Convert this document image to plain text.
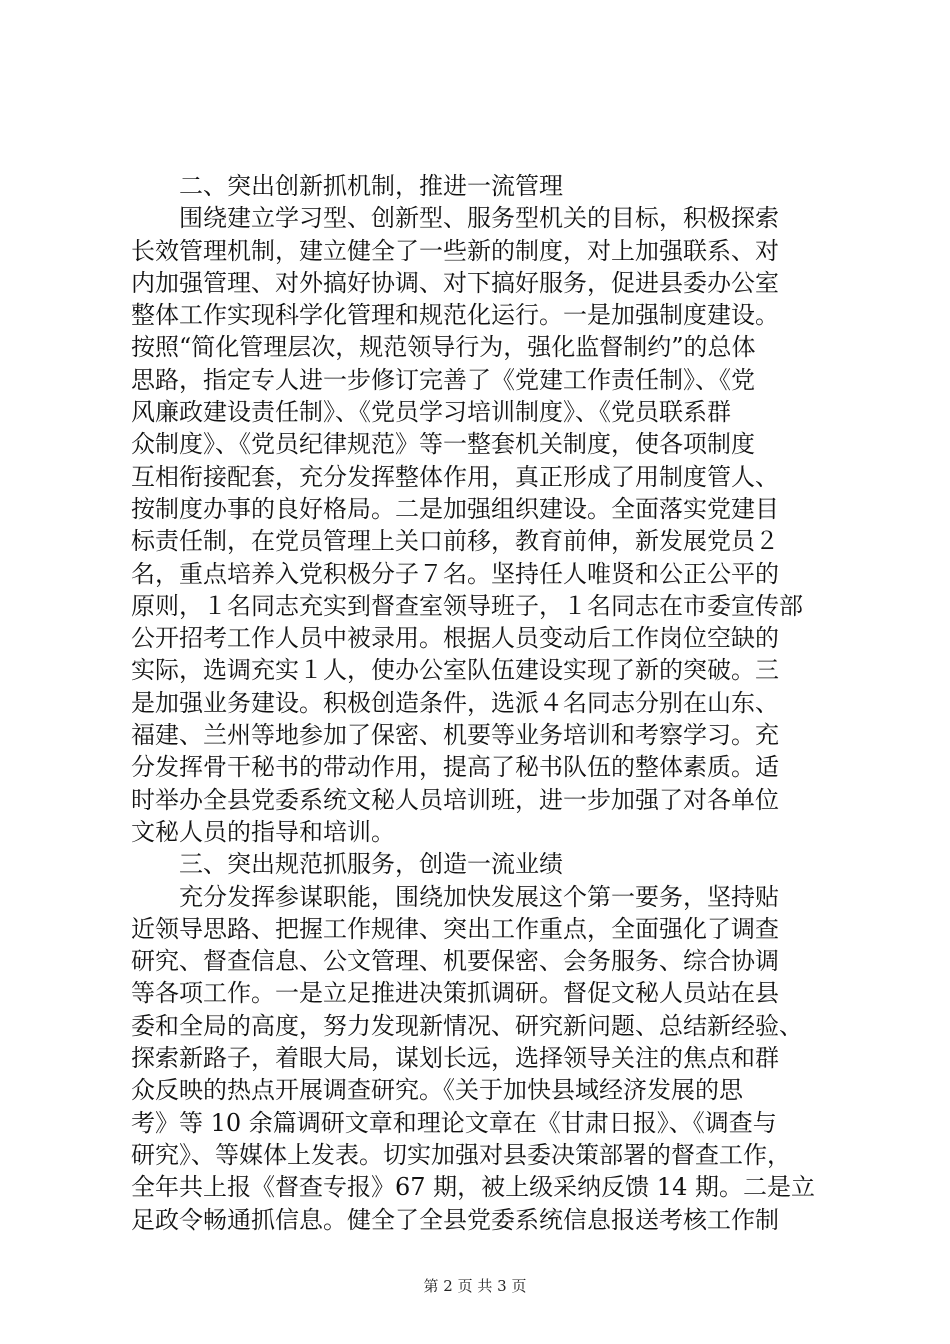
　　二、突出创新抓机制，推进一流管理
　　围绕建立学习型、创新型、服务型机关的目标，积极探索
长效管理机制，建立健全了一些新的制度，对上加强联系、对
内加强管理、对外搞好协调、对下搞好服务，促进县委办公室
整体工作实现科学化管理和规范化运行。一是加强制度建设。
按照“简化管理层次，规范领导行为，强化监督制约”的总体
思路，指定专人进一步修订完善了《党建工作责任制》、《党
风廉政建设责任制》、《党员学习培训制度》、《党员联系群
众制度》、《党员纪律规范》等一整套机关制度，使各项制度
互相衔接配套，充分发挥整体作用，真正形成了用制度管人、
按制度办事的良好格局。二是加强组织建设。全面落实党建目
标责任制，在党员管理上关口前移，教育前伸，新发展党员２
名，重点培养入党积极分子７名。坚持任人唯贤和公正公平的
原则，１名同志充实到督查室领导班子，１名同志在市委宣传部
公开招考工作人员中被录用。根据人员变动后工作岗位空缺的
实际，选调充实１人，使办公室队伍建设实现了新的突破。三
是加强业务建设。积极创造条件，选派４名同志分别在山东、
福建、兰州等地参加了保密、机要等业务培训和考察学习。充
分发挥骨干秘书的带动作用，提高了秘书队伍的整体素质。适
时举办全县党委系统文秘人员培训班，进一步加强了对各单位
文秘人员的指导和培训。
　　三、突出规范抓服务，创造一流业绩
　　充分发挥参谋职能，围绕加快发展这个第一要务，坚持贴
近领导思路、把握工作规律、突出工作重点，全面强化了调查
研究、督查信息、公文管理、机要保密、会务服务、综合协调
等各项工作。一是立足推进决策抓调研。督促文秘人员站在县
委和全局的高度，努力发现新情况、研究新问题、总结新经验、
探索新路子，着眼大局，谋划长远，选择领导关注的焦点和群
众反映的热点开展调查研究。《关于加快县域经济发展的思
考》等 10 余篇调研文章和理论文章在《甘肃日报》、《调查与
研究》、等媒体上发表。切实加强对县委决策部署的督查工作，
全年共上报《督查专报》67 期，被上级采纳反馈 14 期。二是立
足政令畅通抓信息。健全了全县党委系统信息报送考核工作制
第 2 页 共 3 页
